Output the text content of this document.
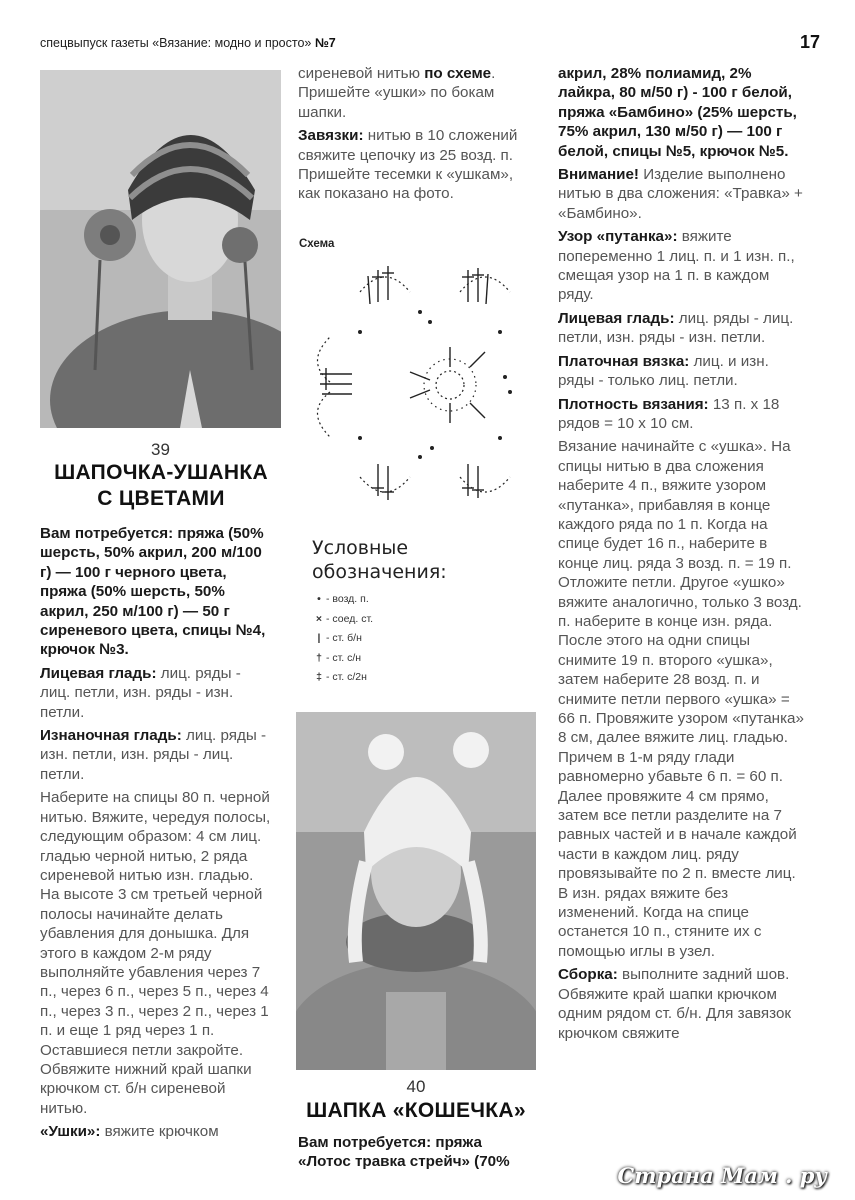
спецвыпуск газеты «Вязание: модно и просто» №7	17
39
ШАПОЧКА-УШАНКА
С ЦВЕТАМИ

Вам потребуется: пряжа (50% шерсть, 50% акрил, 200 м/100 г) — 100 г черного цвета, пряжа (50% шерсть, 50% акрил, 250 м/100 г) — 50 г сиреневого цвета, спицы №4, крючок №3.

Лицевая гладь: лиц. ряды - лиц. петли, изн. ряды - изн. петли.

Изнаночная гладь: лиц. ряды - изн. петли, изн. ряды - лиц. петли.

Наберите на спицы 80 п. черной нитью. Вяжите, чередуя полосы, следующим образом: 4 см лиц. гладью черной нитью, 2 ряда сиреневой нитью изн. гладью. На высоте 3 см третьей черной полосы начинайте делать убавления для донышка. Для этого в каждом 2-м ряду выполняйте убавления через 7 п., через 6 п., через 5 п., через 4 п., через 3 п., через 2 п., через 1 п. и еще 1 ряд через 1 п. Оставшиеся петли закройте. Обвяжите нижний край шапки крючком ст. б/н сиреневой нитью.

«Ушки»: вяжите крючком

сиреневой нитью по схеме. Пришейте «ушки» по бокам шапки.

Завязки: нитью в 10 сложений свяжите цепочку из 25 возд. п. Пришейте тесемки к «ушкам», как показано на фото.

Схема
Условные
обозначения:
• - возд. п.
× - соед. ст.
| - ст. б/н
† - ст. с/н
‡ - ст. с/2н
40
ШАПКА «КОШЕЧКА»

Вам потребуется: пряжа «Лотос травка стрейч» (70%

акрил, 28% полиамид, 2% лайкра, 80 м/50 г) - 100 г белой, пряжа «Бамбино» (25% шерсть, 75% акрил, 130 м/50 г) — 100 г белой, спицы №5, крючок №5.

Внимание! Изделие выполнено нитью в два сложения: «Травка» + «Бамбино».

Узор «путанка»: вяжите попеременно 1 лиц. п. и 1 изн. п., смещая узор на 1 п. в каждом ряду.

Лицевая гладь: лиц. ряды - лиц. петли, изн. ряды - изн. петли.

Платочная вязка: лиц. и изн. ряды - только лиц. петли.

Плотность вязания: 13 п. х 18 рядов = 10 х 10 см.

Вязание начинайте с «ушка». На спицы нитью в два сложения наберите 4 п., вяжите узором «путанка», прибавляя в конце каждого ряда по 1 п. Когда на спице будет 16 п., наберите в конце лиц. ряда 3 возд. п. = 19 п. Отложите петли. Другое «ушко» вяжите аналогично, только 3 возд. п. наберите в конце изн. ряда. После этого на одни спицы снимите 19 п. второго «ушка», затем наберите 28 возд. п. и снимите петли первого «ушка» = 66 п. Провяжите узором «путанка» 8 см, далее вяжите лиц. гладью. Причем в 1-м ряду глади равномерно убавьте 6 п. = 60 п. Далее провяжите 4 см прямо, затем все петли разделите на 7 равных частей и в начале каждой части в каждом лиц. ряду провязывайте по 2 п. вместе лиц. В изн. рядах вяжите без изменений. Когда на спице останется 10 п., стяните их с помощью иглы в узел.

Сборка: выполните задний шов. Обвяжите край шапки крючком одним рядом ст. б/н. Для завязок крючком свяжите

Страна Мам . ру
